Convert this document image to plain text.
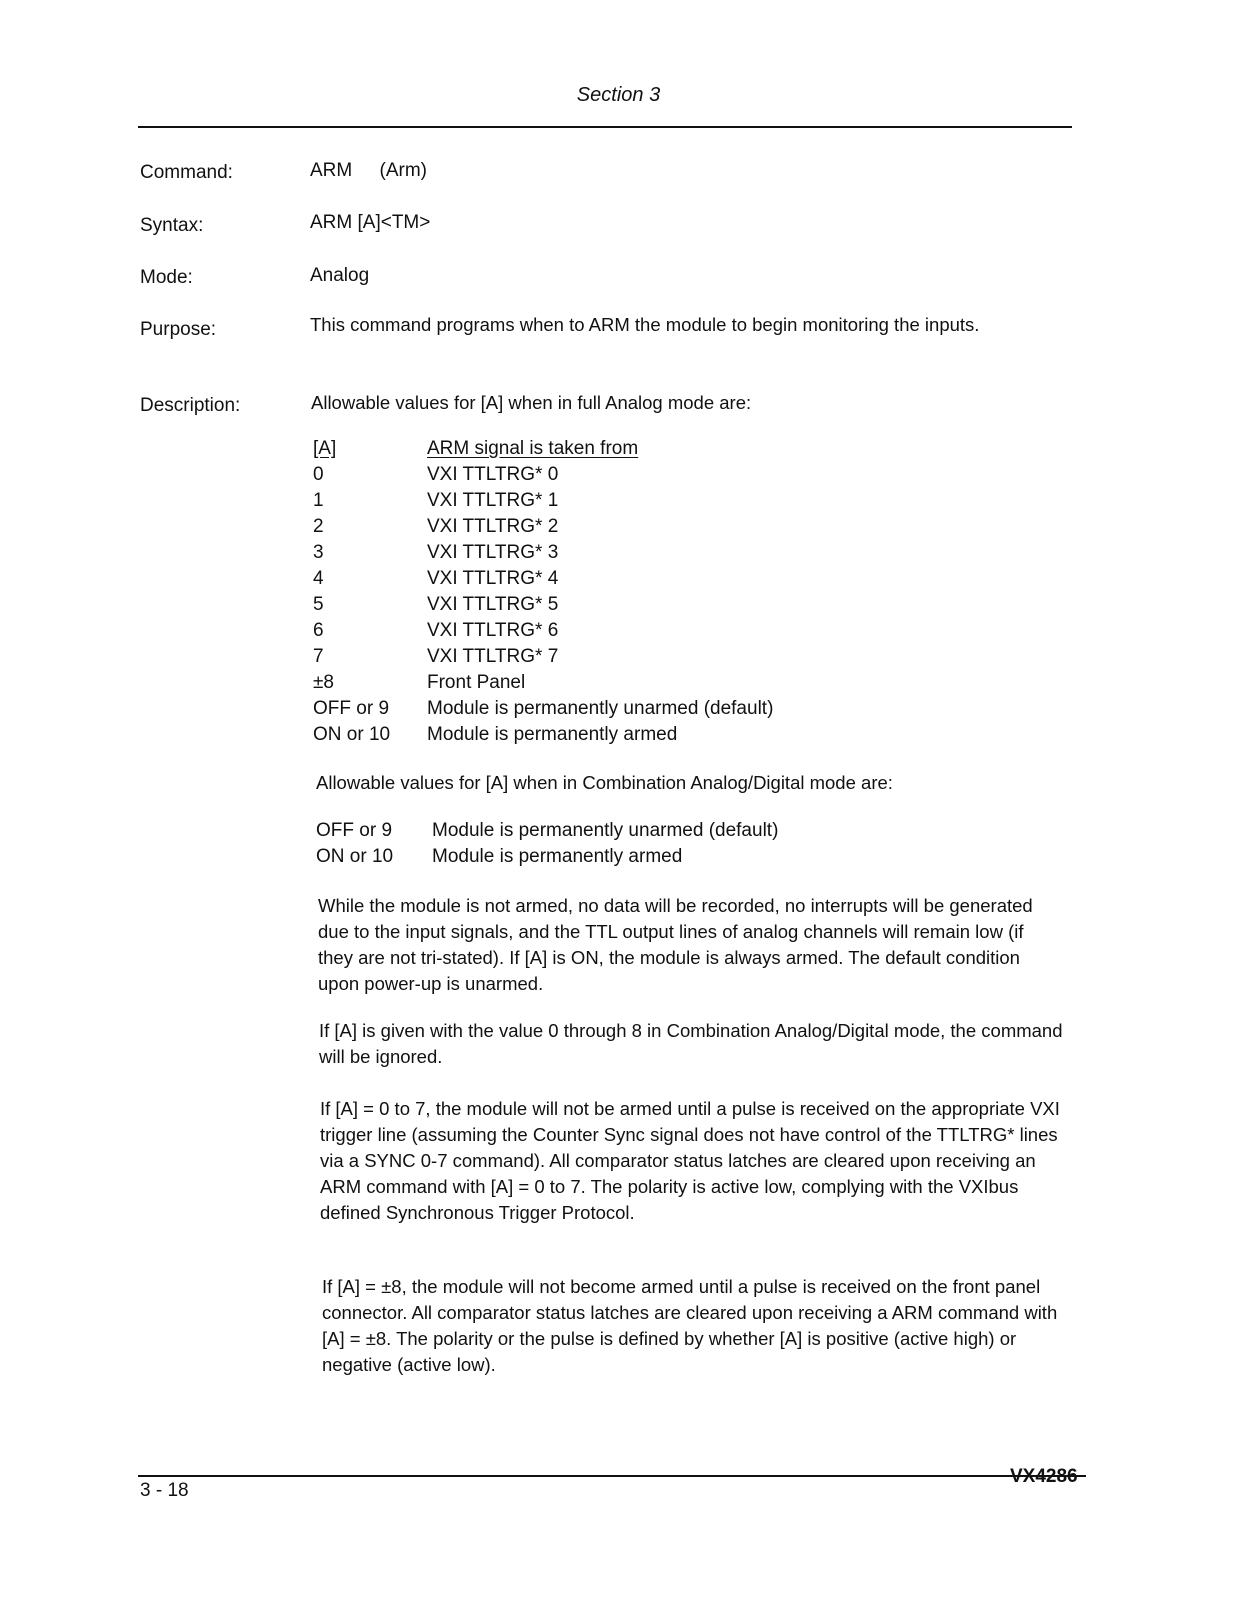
Section 3
Command:	ARM (Arm)
Syntax:	ARM [A]<TM>
Mode:	Analog
Purpose:	This command programs when to ARM the module to begin monitoring the inputs.
Description:	Allowable values for [A] when in full Analog mode are:
[A]	ARM signal is taken from
0	VXI TTLTRG* 0
1	VXI TTLTRG* 1
2	VXI TTLTRG* 2
3	VXI TTLTRG* 3
4	VXI TTLTRG* 4
5	VXI TTLTRG* 5
6	VXI TTLTRG* 6
7	VXI TTLTRG* 7
±8	Front Panel
OFF or 9 Module is permanently unarmed (default)
ON or 10 Module is permanently armed
Allowable values for [A] when in Combination Analog/Digital mode are:
OFF or 9 Module is permanently unarmed (default)
ON or 10 Module is permanently armed
While the module is not armed, no data will be recorded, no interrupts will be generated due to the input signals, and the TTL output lines of analog channels will remain low (if they are not tri-stated). If [A] is ON, the module is always armed. The default condition upon power-up is unarmed.
If [A] is given with the value 0 through 8 in Combination Analog/Digital mode, the command will be ignored.
If [A] = 0 to 7, the module will not be armed until a pulse is received on the appropriate VXI trigger line (assuming the Counter Sync signal does not have control of the TTLTRG* lines via a SYNC 0-7 command). All comparator status latches are cleared upon receiving an ARM command with [A] = 0 to 7. The polarity is active low, complying with the VXIbus defined Synchronous Trigger Protocol.
If [A] = ±8, the module will not become armed until a pulse is received on the front panel connector. All comparator status latches are cleared upon receiving a ARM command with [A] = ±8. The polarity or the pulse is defined by whether [A] is positive (active high) or negative (active low).
3 - 18
VX4286
